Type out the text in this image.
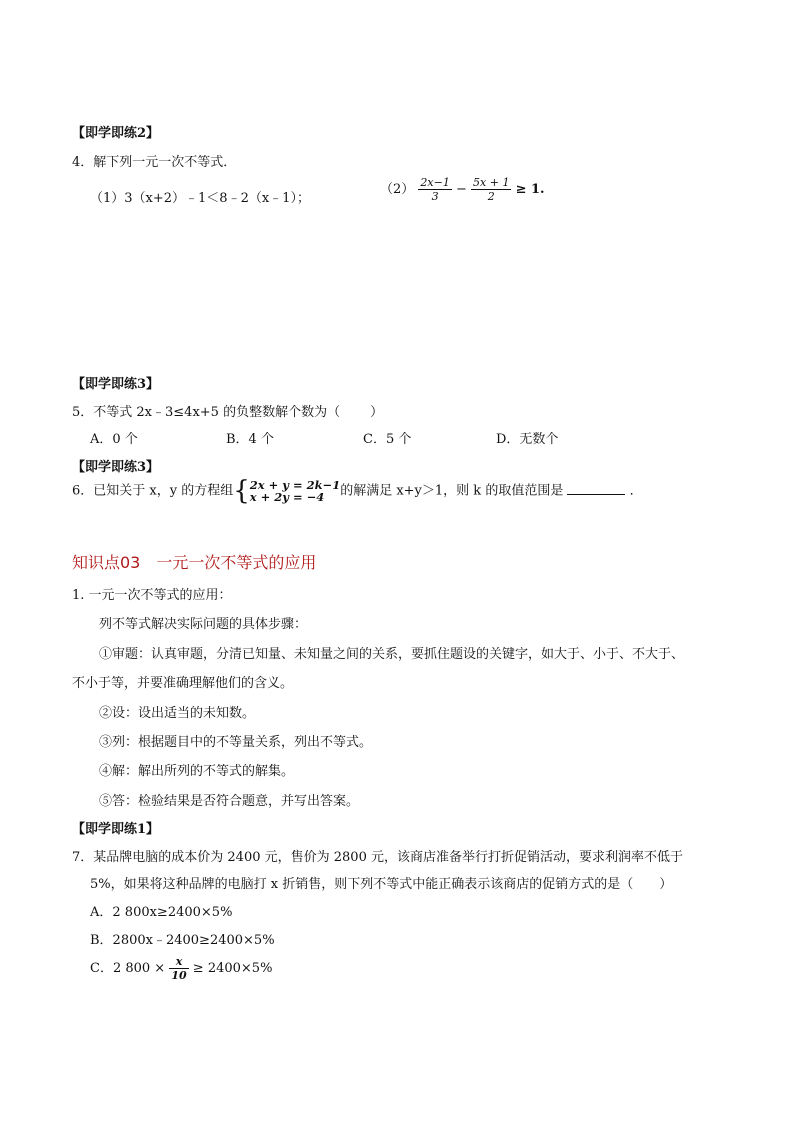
【即学即练2】
4．解下列一元一次不等式．
（1）3（x+2）﹣1＜8﹣2（x﹣1）；
$(2) \frac{2x-1}{3} - \frac{5x + 1}{2} \ge 1$.
【即学即练3】
5．不等式 2x﹣3≤4x+5 的负整数解个数为（ ）
A．0 个	B．4 个	C．5 个	D．无数个
【即学即练3】
6．已知关于 x，y 的方程组{ 2x + y = 2k−1
x + 2y = −4	的解满足 x+y＞1，则 k 的取值范围是	．
知识点03　一元一次不等式的应用
1. 一元一次不等式的应用：
列不等式解决实际问题的具体步骤：
①审题：认真审题，分清已知量、未知量之间的关系，要抓住题设的关键字，如大于、小于、不大于、
不小于等，并要准确理解他们的含义。
②设：设出适当的未知数。
③列：根据题目中的不等量关系，列出不等式。
④解：解出所列的不等式的解集。
⑤答：检验结果是否符合题意，并写出答案。
【即学即练1】
7．某品牌电脑的成本价为 2400 元，售价为 2800 元，该商店准备举行打折促销活动，要求利润率不低于
5%，如果将这种品牌的电脑打 x 折销售，则下列不等式中能正确表示该商店的促销方式的是（　　）
A．2 800x≥2400×5%
B．2800x﹣2400≥2400×5%
C．2 $800 \times \frac{x}{10} \ge 2400\times 5\%$
